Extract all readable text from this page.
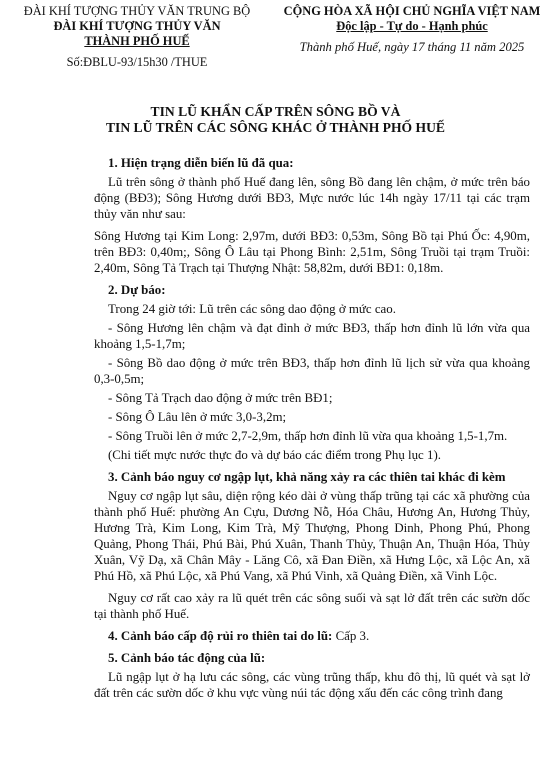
ĐÀI KHÍ TƯỢNG THỦY VĂN TRUNG BỘ
ĐÀI KHÍ TƯỢNG THỦY VĂN
THÀNH PHỐ HUẾ
Số:ĐBLU-93/15h30 /THUE
CỘNG HÒA XÃ HỘI CHỦ NGHĨA VIỆT NAM
Độc lập - Tự do - Hạnh phúc
Thành phố Huế, ngày 17 tháng 11 năm 2025
TIN LŨ KHẨN CẤP TRÊN SÔNG BỒ VÀ
TIN LŨ TRÊN CÁC SÔNG KHÁC Ở THÀNH PHỐ HUẾ

1. Hiện trạng diễn biến lũ đã qua:

Lũ trên sông ở thành phố Huế đang lên, sông Bồ đang lên chậm, ở mức trên báo động (BĐ3); Sông Hương dưới BĐ3, Mực nước lúc 14h ngày 17/11 tại các trạm thủy văn như sau:

Sông Hương tại Kim Long: 2,97m, dưới BĐ3: 0,53m, Sông Bồ tại Phú Ốc: 4,90m, trên BĐ3: 0,40m;, Sông Ô Lâu tại Phong Bình: 2,51m, Sông Truồi tại trạm Truồi: 2,40m, Sông Tả Trạch tại Thượng Nhật: 58,82m, dưới BĐ1: 0,18m.

2. Dự báo:

Trong 24 giờ tới: Lũ trên các sông dao động ở mức cao.

- Sông Hương lên chậm và đạt đỉnh ở mức BĐ3, thấp hơn đỉnh lũ lớn vừa qua khoảng 1,5-1,7m;

- Sông Bồ dao động ở mức trên BĐ3, thấp hơn đỉnh lũ lịch sử vừa qua khoảng 0,3-0,5m;

- Sông Tả Trạch dao động ở mức trên BĐ1;

- Sông Ô Lâu lên ở mức 3,0-3,2m;

- Sông Truồi lên ở mức 2,7-2,9m, thấp hơn đỉnh lũ vừa qua khoảng 1,5-1,7m.

(Chi tiết mực nước thực đo và dự báo các điểm trong Phụ lục 1).

3. Cảnh báo nguy cơ ngập lụt, khả năng xảy ra các thiên tai khác đi kèm

Nguy cơ ngập lụt sâu, diện rộng kéo dài ở vùng thấp trũng tại các xã phường của thành phố Huế: phường An Cựu, Dương Nỗ, Hóa Châu, Hương An, Hương Thủy, Hương Trà, Kim Long, Kim Trà, Mỹ Thượng, Phong Dinh, Phong Phú, Phong Quảng, Phong Thái, Phú Bài, Phú Xuân, Thanh Thủy, Thuận An, Thuận Hóa, Thủy Xuân, Vỹ Dạ, xã Chân Mây - Lăng Cô, xã Đan Điền, xã Hưng Lộc, xã Lộc An, xã Phú Hồ, xã Phú Lộc, xã Phú Vang, xã Phú Vinh, xã Quảng Điền, xã Vinh Lộc.

Nguy cơ rất cao xảy ra lũ quét trên các sông suối và sạt lở đất trên các sườn dốc tại thành phố Huế.

4. Cảnh báo cấp độ rủi ro thiên tai do lũ: Cấp 3.

5. Cảnh báo tác động của lũ:

Lũ ngập lụt ở hạ lưu các sông, các vùng trũng thấp, khu đô thị, lũ quét và sạt lở đất trên các sườn dốc ở khu vực vùng núi tác động xấu đến các công trình đang
